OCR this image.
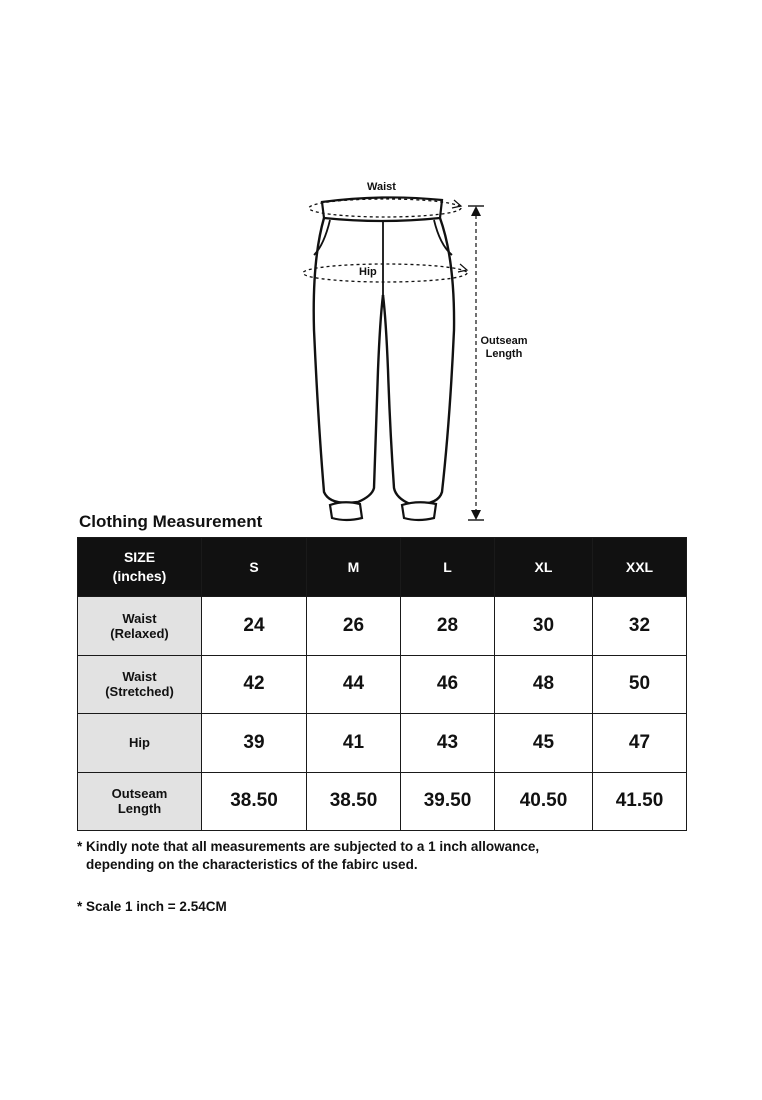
Waist
Hip
Outseam
Length
Clothing Measurement
SIZE
(inches)	S	M	L	XL	XXL
Waist
(Relaxed)	24	26	28	30	32
Waist
(Stretched)	42	44	46	48	50
Hip	39	41	43	45	47
Outseam
Length	38.50	38.50	39.50	40.50	41.50
* Kindly note that all measurements are subjected to a 1 inch allowance,
depending on the characteristics of the fabirc used.
* Scale 1 inch = 2.54CM
